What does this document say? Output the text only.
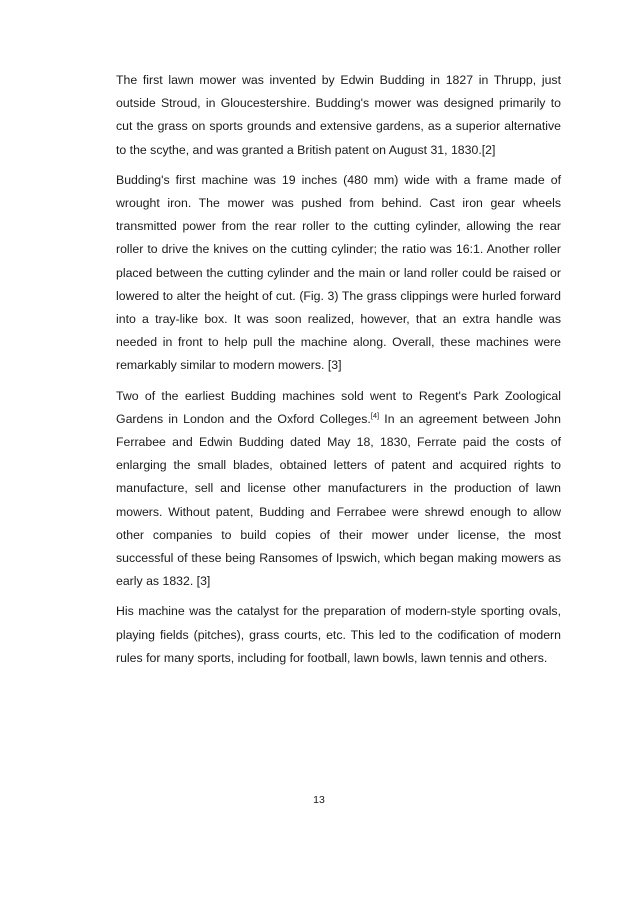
The first lawn mower was invented by Edwin Budding in 1827 in Thrupp, just outside Stroud, in Gloucestershire. Budding's mower was designed primarily to cut the grass on sports grounds and extensive gardens, as a superior alternative to the scythe, and was granted a British patent on August 31, 1830.[2]

Budding's first machine was 19 inches (480 mm) wide with a frame made of wrought iron. The mower was pushed from behind. Cast iron gear wheels transmitted power from the rear roller to the cutting cylinder, allowing the rear roller to drive the knives on the cutting cylinder; the ratio was 16:1. Another roller placed between the cutting cylinder and the main or land roller could be raised or lowered to alter the height of cut. (Fig. 3) The grass clippings were hurled forward into a tray-like box. It was soon realized, however, that an extra handle was needed in front to help pull the machine along. Overall, these machines were remarkably similar to modern mowers. [3]

Two of the earliest Budding machines sold went to Regent's Park Zoological Gardens in London and the Oxford Colleges.[4] In an agreement between John Ferrabee and Edwin Budding dated May 18, 1830, Ferrate paid the costs of enlarging the small blades, obtained letters of patent and acquired rights to manufacture, sell and license other manufacturers in the production of lawn mowers. Without patent, Budding and Ferrabee were shrewd enough to allow other companies to build copies of their mower under license, the most successful of these being Ransomes of Ipswich, which began making mowers as early as 1832. [3]

His machine was the catalyst for the preparation of modern-style sporting ovals, playing fields (pitches), grass courts, etc. This led to the codification of modern rules for many sports, including for football, lawn bowls, lawn tennis and others.

13
